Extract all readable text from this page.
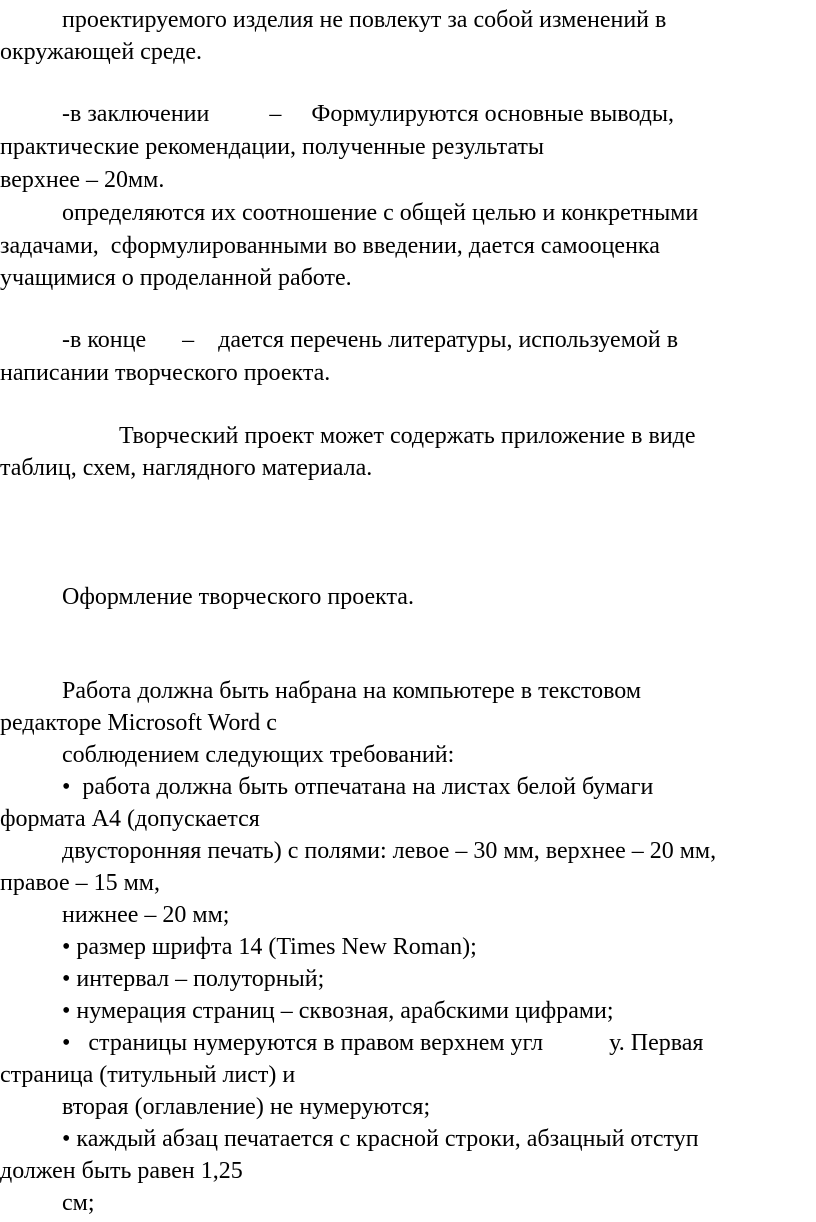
проектируемого изделия не повлекут за собой изменений в
окружающей среде.
-в заключении          –     Формулируются основные выводы,
практические рекомендации, полученные результаты
верхнее – 20мм.
определяются их соотношение с общей целью и конкретными
задачами,  сформулированными во введении, дается самооценка
учащимися о проделанной работе.
-в конце      –    дается перечень литературы, используемой в
написании творческого проекта.
Творческий проект может содержать приложение в виде
таблиц, схем, наглядного материала.
Оформление творческого проекта.
Работа должна быть набрана на компьютере в текстовом
редакторе Microsoft Word с
соблюдением следующих требований:
•  работа должна быть отпечатана на листах белой бумаги
формата А4 (допускается
двусторонняя печать) с полями: левое – 30 мм, верхнее – 20 мм,
правое – 15 мм,
нижнее – 20 мм;
• размер шрифта 14 (Times New Roman);
• интервал – полуторный;
• нумерация страниц – сквозная, арабскими цифрами;
•   страницы нумеруются в правом верхнем угл           у. Первая
страница (титульный лист) и
вторая (оглавление) не нумеруются;
• каждый абзац печатается с красной строки, абзацный отступ
должен быть равен 1,25
см;
